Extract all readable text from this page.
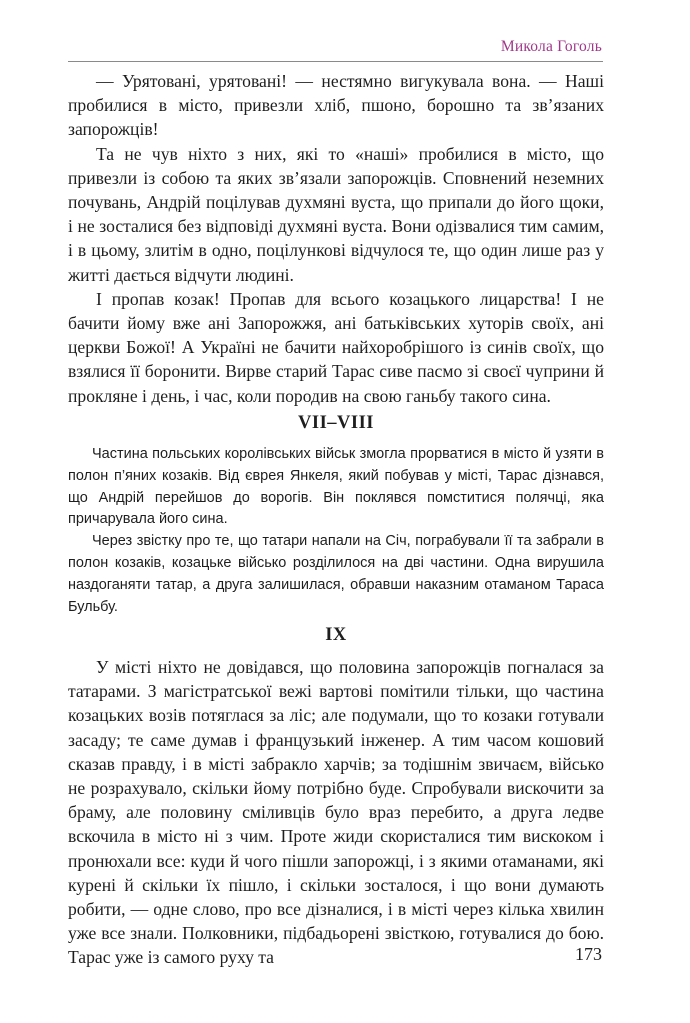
Микола Гоголь

— Урятовані, урятовані! — нестямно вигукувала вона. — Наші пробилися в місто, привезли хліб, пшоно, борошно та зв’язаних запорожців!

Та не чув ніхто з них, які то «наші» пробилися в місто, що привезли із собою та яких зв’язали запорожців. Сповнений неземних почувань, Андрій поцілував духмяні вуста, що припали до його щоки, і не зосталися без відповіді духмяні вуста. Вони одізвалися тим самим, і в цьому, злитім в одно, поцілункові відчулося те, що один лише раз у житті дається відчути людині.

І пропав козак! Пропав для всього козацького лицарства! І не бачити йому вже ані Запорожжя, ані батьківських хуторів своїх, ані церкви Божої! А Україні не бачити найхоробрішого із синів своїх, що взялися її боронити. Вирве старий Тарас сиве пасмо зі своєї чуприни й прокляне і день, і час, коли породив на свою ганьбу такого сина.

VII–VIII

Частина польських королівських військ змогла прорватися в місто й узяти в полон п’яних козаків. Від єврея Янкеля, який побував у місті, Тарас дізнався, що Андрій перейшов до ворогів. Він поклявся помститися полячці, яка причарувала його сина.

Через звістку про те, що татари напали на Січ, пограбували її та забрали в полон козаків, козацьке військо розділилося на дві частини. Одна вирушила наздоганяти татар, а друга залишилася, обравши наказним отаманом Тараса Бульбу.

IX

У місті ніхто не довідався, що половина запорожців погналася за татарами. З магістратської вежі вартові помітили тільки, що частина козацьких возів потяглася за ліс; але подумали, що то козаки готували засаду; те саме думав і французький інженер. А тим часом кошовий сказав правду, і в місті забракло харчів; за тодішнім звичаєм, військо не розрахувало, скільки йому потрібно буде. Спробували вискочити за браму, але половину сміливців було враз перебито, а друга ледве вскочила в місто ні з чим. Проте жиди скористалися тим вискоком і пронюхали все: куди й чого пішли запорожці, і з якими отаманами, які курені й скільки їх пішло, і скільки зосталося, і що вони думають робити, — одне слово, про все дізналися, і в місті через кілька хвилин уже все знали. Полковники, підбадьорені звісткою, готувалися до бою. Тарас уже із самого руху та	173
